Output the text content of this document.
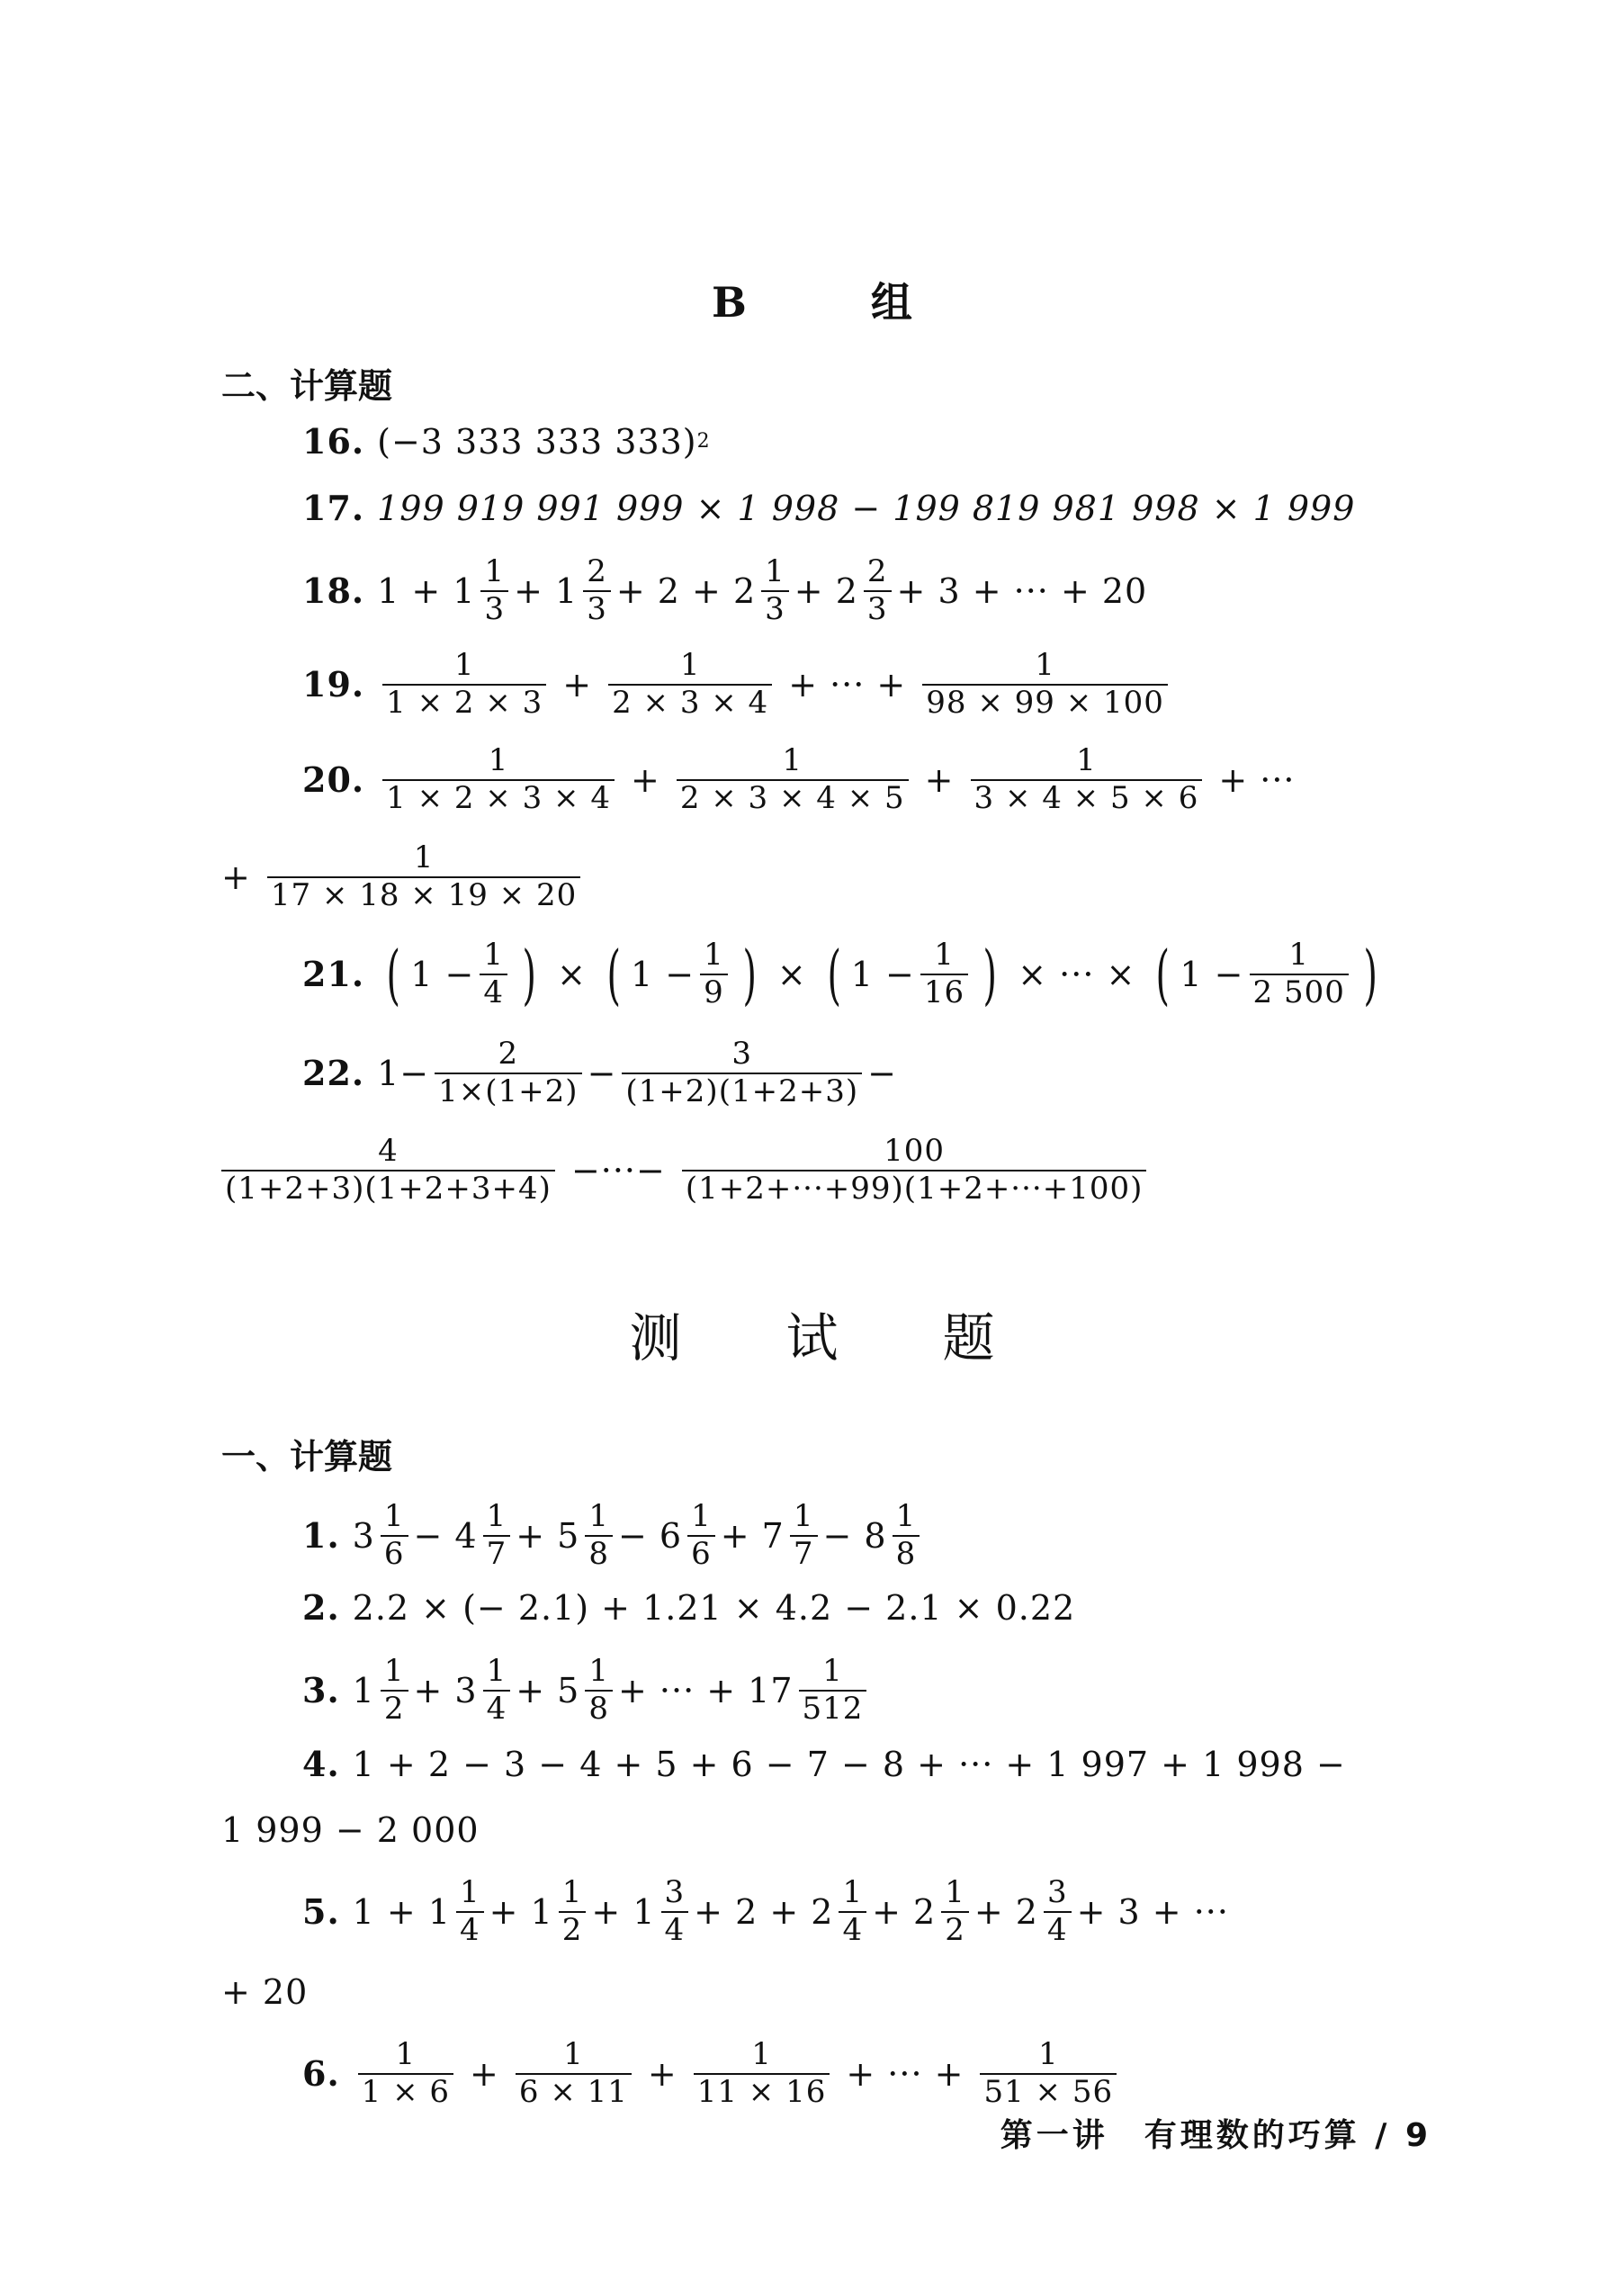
B　　　组
二、计算题
16. (−3 333 333 333) 2
17. 199 919 991 999 × 1 998 − 199 819 981 998 × 1 999
18. $1 + 1 \frac{1}{3} + 1 \frac{2}{3} + 2 + 2 \frac{1}{3} + 2 \frac{2}{3} + 3$ + ··· + 20
19. $\frac{1}{1 \times 2 \times 3} + \frac{1}{2 \times 3 \times 4}$ + ··· + $\frac{1}{98 \times 99 \times 100}$
20. $\frac{1}{1 \times 2 \times 3 \times 4} + \frac{1}{2 \times 3 \times 4 \times 5} + \frac{1}{3 \times 4 \times 5 \times 6}$ + ···
+ $\frac{1}{17 \times 18 \times 19 \times 20}$
21. ( $1 - \frac{1}{4}$ ) × ( $1 - \frac{1}{9}$ ) × ( $1 - \frac{1}{16}$ ) × ··· × ( $1 - \frac{1}{2 500}$ )
22. $1- \frac{2}{1\times(1+2)} - \frac{3}{(1+2)(1+2+3)}$ −
$\frac{4}{(1+2+3)(1+2+3+4)}$ −···− $\frac{100}{(1+2+\cdot\cdot\cdot+99)(1+2+\cdot\cdot\cdot+100)}$
测　　试　　题
一、计算题
1. $3 \frac{1}{6} - 4 \frac{1}{7} + 5 \frac{1}{8} - 6 \frac{1}{6} + 7 \frac{1}{7} - 8 \frac{1}{8}$
2. 2.2 × (− 2.1) + 1.21 × 4.2 − 2.1 × 0.22
3. $1 \frac{1}{2} + 3 \frac{1}{4} + 5 \frac{1}{8}$ + ··· + $17 \frac{1}{512}$
4. 1 + 2 − 3 − 4 + 5 + 6 − 7 − 8 + ··· + 1 997 + 1 998 −
1 999 − 2 000
5. $1 + 1 \frac{1}{4} + 1 \frac{1}{2} + 1 \frac{3}{4} + 2 + 2 \frac{1}{4} + 2 \frac{1}{2} + 2 \frac{3}{4} + 3$ + ···
+ 20
6. $\frac{1}{1 \times 6} + \frac{1}{6 \times 11} + \frac{1}{11 \times 16}$ + ··· + $\frac{1}{51 \times 56}$
第一讲　有理数的巧算 / 9
